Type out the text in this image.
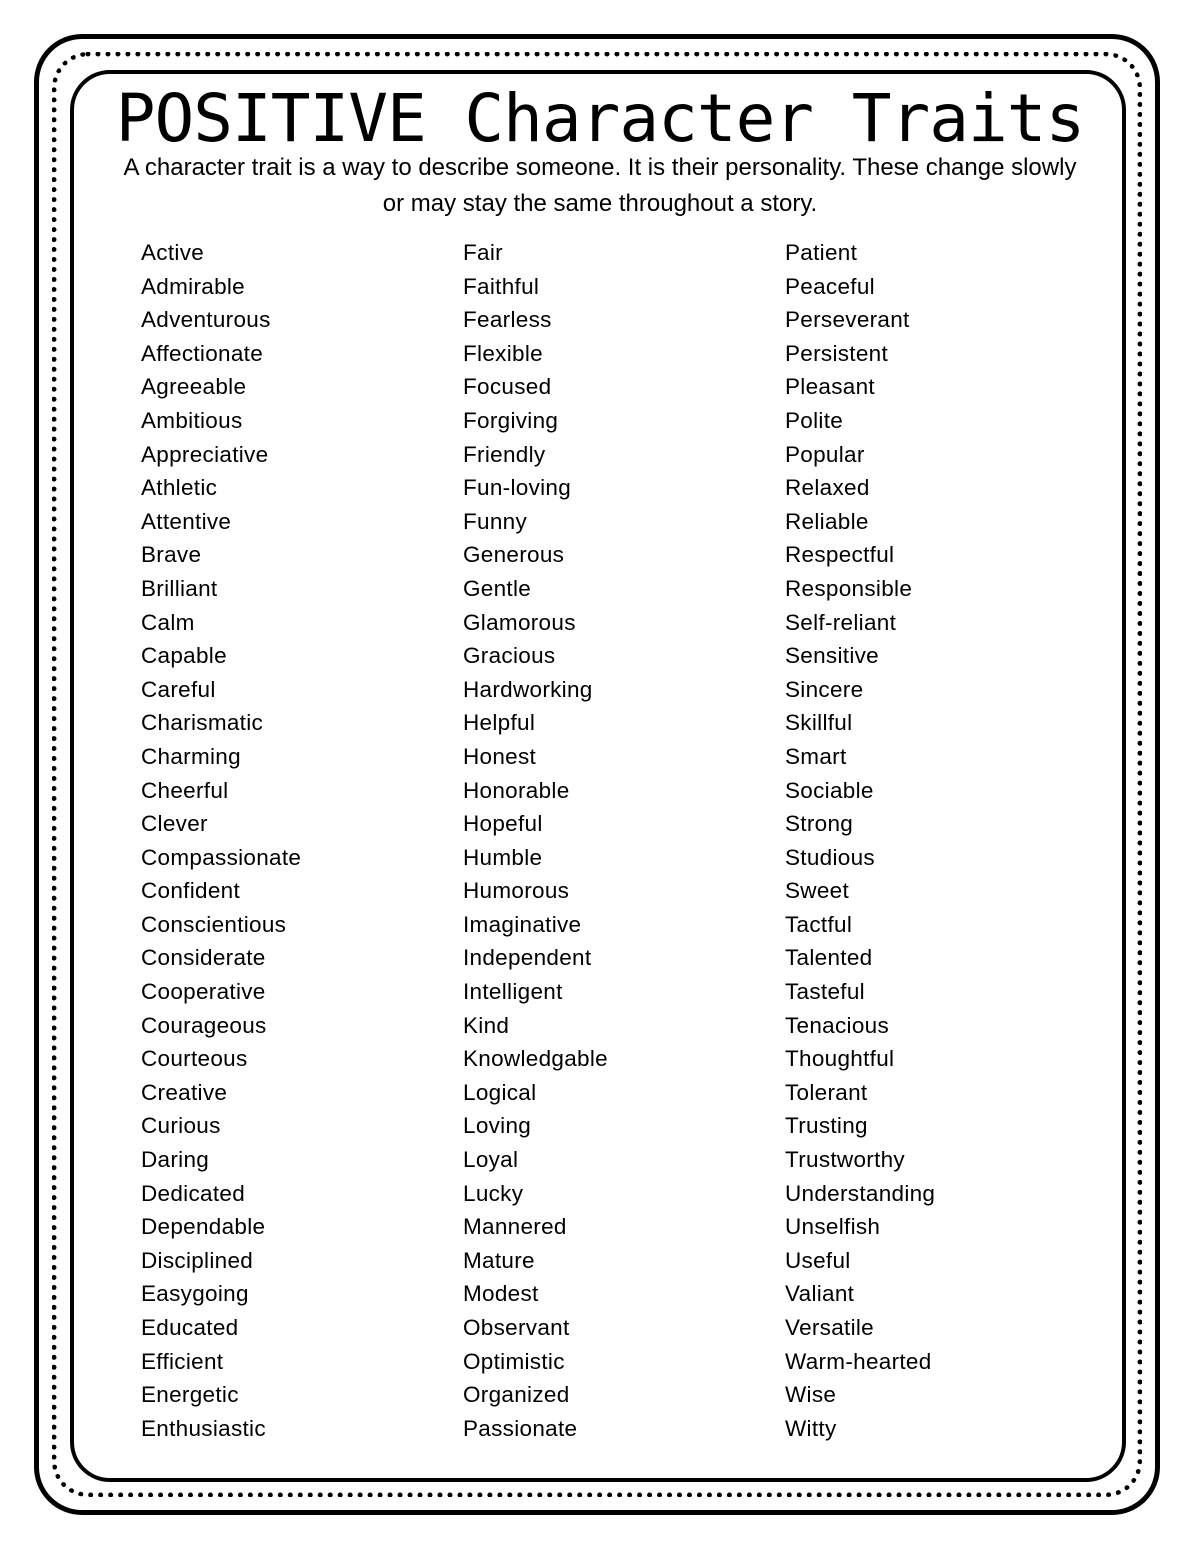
POSITIVE Character Traits

A character trait is a way to describe someone. It is their personality. These change slowly or may stay the same throughout a story.

Active
Admirable
Adventurous
Affectionate
Agreeable
Ambitious
Appreciative
Athletic
Attentive
Brave
Brilliant
Calm
Capable
Careful
Charismatic
Charming
Cheerful
Clever
Compassionate
Confident
Conscientious
Considerate
Cooperative
Courageous
Courteous
Creative
Curious
Daring
Dedicated
Dependable
Disciplined
Easygoing
Educated
Efficient
Energetic
Enthusiastic
Fair
Faithful
Fearless
Flexible
Focused
Forgiving
Friendly
Fun-loving
Funny
Generous
Gentle
Glamorous
Gracious
Hardworking
Helpful
Honest
Honorable
Hopeful
Humble
Humorous
Imaginative
Independent
Intelligent
Kind
Knowledgable
Logical
Loving
Loyal
Lucky
Mannered
Mature
Modest
Observant
Optimistic
Organized
Passionate
Patient
Peaceful
Perseverant
Persistent
Pleasant
Polite
Popular
Relaxed
Reliable
Respectful
Responsible
Self-reliant
Sensitive
Sincere
Skillful
Smart
Sociable
Strong
Studious
Sweet
Tactful
Talented
Tasteful
Tenacious
Thoughtful
Tolerant
Trusting
Trustworthy
Understanding
Unselfish
Useful
Valiant
Versatile
Warm-hearted
Wise
Witty
